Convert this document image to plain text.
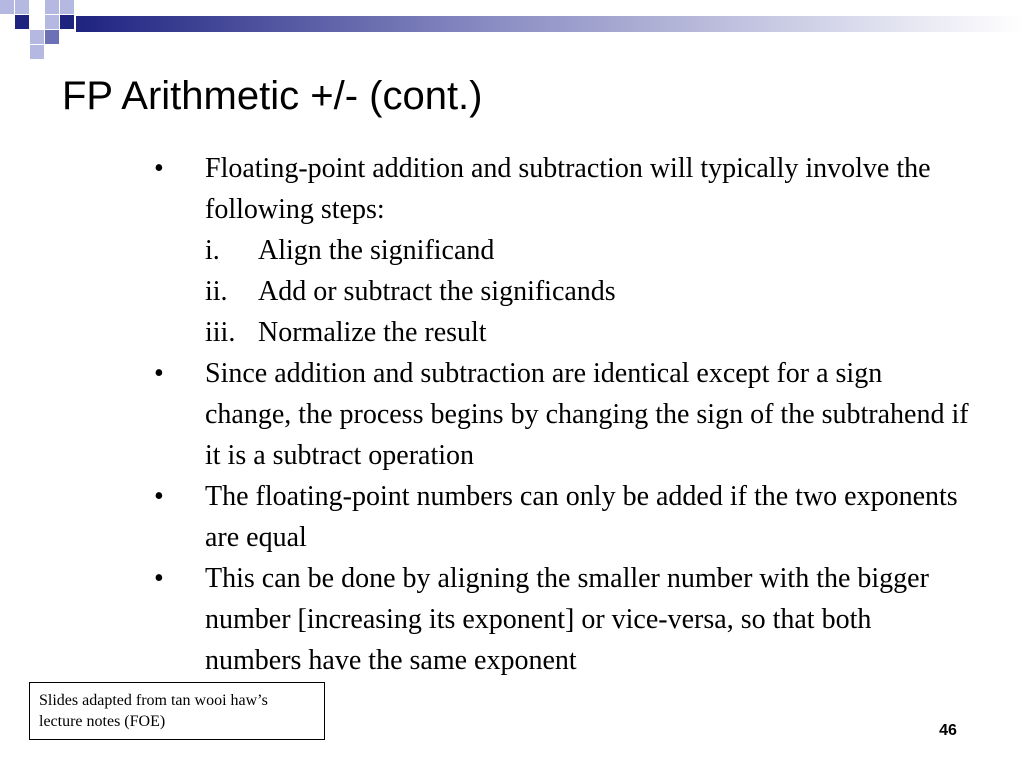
FP Arithmetic +/- (cont.)
• Floating-point addition and subtraction will typically involve the following steps:
i. Align the significand
ii. Add or subtract the significands
iii. Normalize the result
• Since addition and subtraction are identical except for a sign change, the process begins by changing the sign of the subtrahend if it is a subtract operation
• The floating-point numbers can only be added if the two exponents are equal
• This can be done by aligning the smaller number with the bigger number [increasing its exponent] or vice-versa, so that both numbers have the same exponent
Slides adapted from tan wooi haw’s lecture notes (FOE)
46
